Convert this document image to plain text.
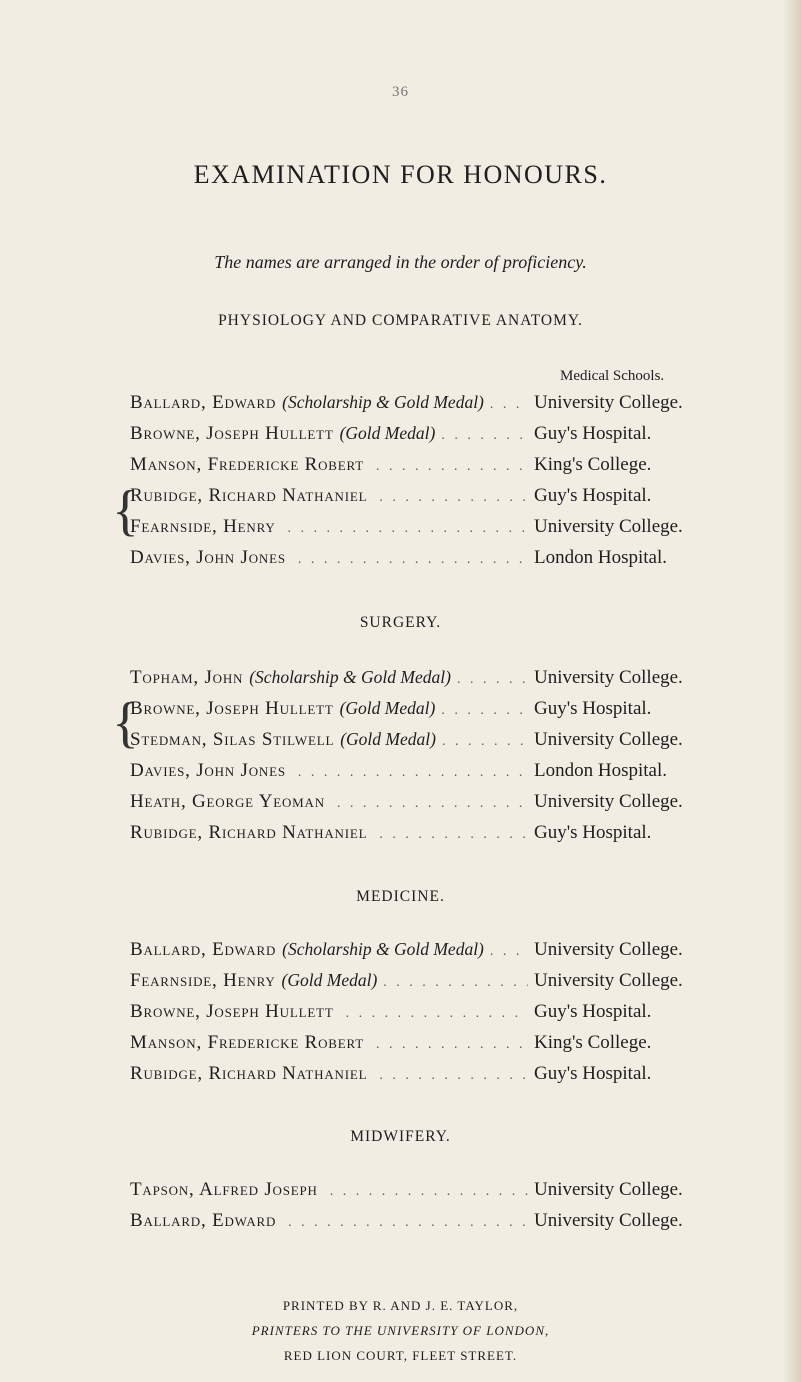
36
EXAMINATION FOR HONOURS.
The names are arranged in the order of proficiency.
PHYSIOLOGY AND COMPARATIVE ANATOMY.
Medical Schools.
Ballard, Edward (Scholarship & Gold Medal) . . .	University College.
Browne, Joseph Hullett (Gold Medal) . . .	Guy's Hospital.
Manson, Fredericke Robert . . .	King's College.
{
Rubidge, Richard Nathaniel . . .	Guy's Hospital.
Fearnside, Henry . . .	University College.
Davies, John Jones . . .	London Hospital.
SURGERY.
Topham, John (Scholarship & Gold Medal) . . .	University College.
{
Browne, Joseph Hullett (Gold Medal) . . .	Guy's Hospital.
Stedman, Silas Stilwell (Gold Medal) . . .	University College.
Davies, John Jones . . .	London Hospital.
Heath, George Yeoman . . .	University College.
Rubidge, Richard Nathaniel . . .	Guy's Hospital.
MEDICINE.
Ballard, Edward (Scholarship & Gold Medal) . . .	University College.
Fearnside, Henry (Gold Medal) . . .	University College.
Browne, Joseph Hullett . . .	Guy's Hospital.
Manson, Fredericke Robert . . .	King's College.
Rubidge, Richard Nathaniel . . .	Guy's Hospital.
MIDWIFERY.
Tapson, Alfred Joseph . . .	University College.
Ballard, Edward . . .	University College.
PRINTED BY R. AND J. E. TAYLOR,
PRINTERS TO THE UNIVERSITY OF LONDON,
RED LION COURT, FLEET STREET.
